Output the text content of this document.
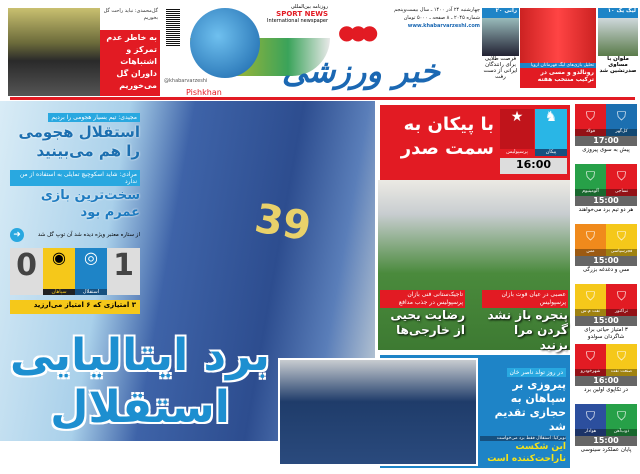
گل‌محمدی: نباید راحت گل بخوریم
به خاطر عدم تمرکز و اشتباهات داوران گل می‌خوریم	@khabarvarzeshi
روزنامه بین‌المللی
SPORT NEWS
International newspaper ●●●
خبر ورزشی
Pishkhan
چهارشنبه ۲۴ آذر ۱۴۰۰ ـ سال بیست‌وپنجم
شماره ۲۰۴۵ ـ ۸ صفحه ـ ۵۰۰۰ تومان
www.khabarvarzeshi.com
رانی ۲۰
فرصت طلایی برای رانندگان ایرانی از دست رفت
تحلیل بازی‌های لیگ قهرمانان اروپا
رونالدو و مسی در ترکیب منتخب هفته
لیگ یک ۱۰
ملوان با مساوی صدرنشین شد
39
مجیدی: تیم بسیار هجومی را بردیم
استقلال هجومی را هم می‌بینید
مرادی: شاید اسکوچیچ تمایلی به استفاده از من ندارد
سخت‌ترین بازی عمرم بود
از ستاره معتبر ویژه دیده شد آن توپ گل شد
➜
1
◎
استقلال
◉
سپاهان
0
۳ امتیازی که ۶ امتیاز می‌ارزید
برد ایتالیایی
استقلال
با پیکان به سمت صدر
★	♞
پرسپولیس	پیکان
16:00
تاجیک‌ستانی فنی بازان پرسپولیس در جذب مدافع
رضایت یحیی از خارجی‌ها
عصبی در عیان فوت بازان پرسپولیس
پنجره باز نشد گردن مرا بزنید
در روز تولد ناصر خان
پیروزی بر سپاهان به حجازی تقدیم شد
نوبرکیا: استقلال فقط برد می‌خواست
این شکست ناراحت‌کننده است
⛉
فولاد
⛉
کل‌گهر
17:00
پیش به سوی پیروزی
⛉
آلومینیوم
⛉
نساجی
15:00
هر دو تیم برد می‌خواهند
⛉
مس
⛉
فجرسپاسی
15:00
مس و دغدغه بزرگی
⛉
نفت م.س
⛉
تراکتور
15:00
۳ امتیاز حیاتی برای شاگردان سولدو
⛉
شهرخودرو
⛉
صنعت نفت
16:00
در تکاپوی اولین برد
⛉
هوادار
⛉
ذوب‌آهن
15:00
پایان عملکرد سینوسی
